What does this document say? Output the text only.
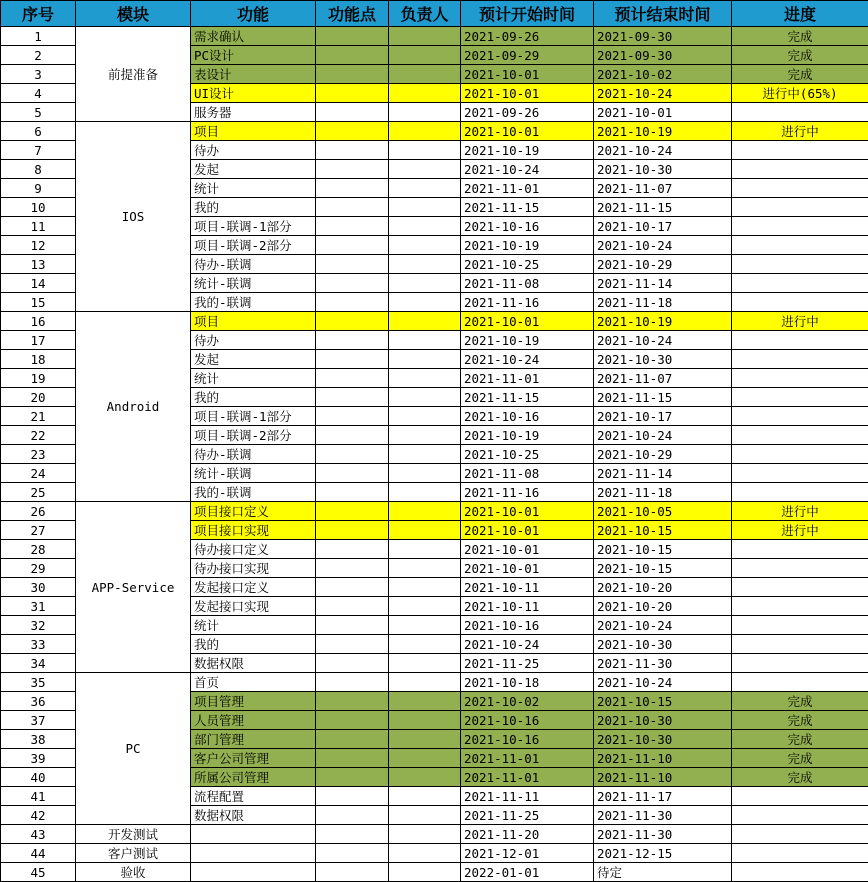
序号	模块	功能	功能点	负责人	预计开始时间	预计结束时间	进度
1	前提准备	需求确认			2021-09-26	2021-09-30	完成
2		PC设计			2021-09-29	2021-09-30	完成
3		表设计			2021-10-01	2021-10-02	完成
4		UI设计			2021-10-01	2021-10-24	进行中(65%)
5		服务器			2021-09-26	2021-10-01	
6	IOS	项目			2021-10-01	2021-10-19	进行中
7		待办			2021-10-19	2021-10-24	
8		发起			2021-10-24	2021-10-30	
9		统计			2021-11-01	2021-11-07	
10		我的			2021-11-15	2021-11-15	
11		项目-联调-1部分			2021-10-16	2021-10-17	
12		项目-联调-2部分			2021-10-19	2021-10-24	
13		待办-联调			2021-10-25	2021-10-29	
14		统计-联调			2021-11-08	2021-11-14	
15		我的-联调			2021-11-16	2021-11-18	
16	Android	项目			2021-10-01	2021-10-19	进行中
17		待办			2021-10-19	2021-10-24	
18		发起			2021-10-24	2021-10-30	
19		统计			2021-11-01	2021-11-07	
20		我的			2021-11-15	2021-11-15	
21		项目-联调-1部分			2021-10-16	2021-10-17	
22		项目-联调-2部分			2021-10-19	2021-10-24	
23		待办-联调			2021-10-25	2021-10-29	
24		统计-联调			2021-11-08	2021-11-14	
25		我的-联调			2021-11-16	2021-11-18	
26	APP-Service	项目接口定义			2021-10-01	2021-10-05	进行中
27		项目接口实现			2021-10-01	2021-10-15	进行中
28		待办接口定义			2021-10-01	2021-10-15	
29		待办接口实现			2021-10-01	2021-10-15	
30		发起接口定义			2021-10-11	2021-10-20	
31		发起接口实现			2021-10-11	2021-10-20	
32		统计			2021-10-16	2021-10-24	
33		我的			2021-10-24	2021-10-30	
34		数据权限			2021-11-25	2021-11-30	
35	PC	首页			2021-10-18	2021-10-24	
36		项目管理			2021-10-02	2021-10-15	完成
37		人员管理			2021-10-16	2021-10-30	完成
38		部门管理			2021-10-16	2021-10-30	完成
39		客户公司管理			2021-11-01	2021-11-10	完成
40		所属公司管理			2021-11-01	2021-11-10	完成
41		流程配置			2021-11-11	2021-11-17	
42		数据权限			2021-11-25	2021-11-30	
43	开发测试				2021-11-20	2021-11-30	
44	客户测试				2021-12-01	2021-12-15	
45	验收				2022-01-01	待定	
